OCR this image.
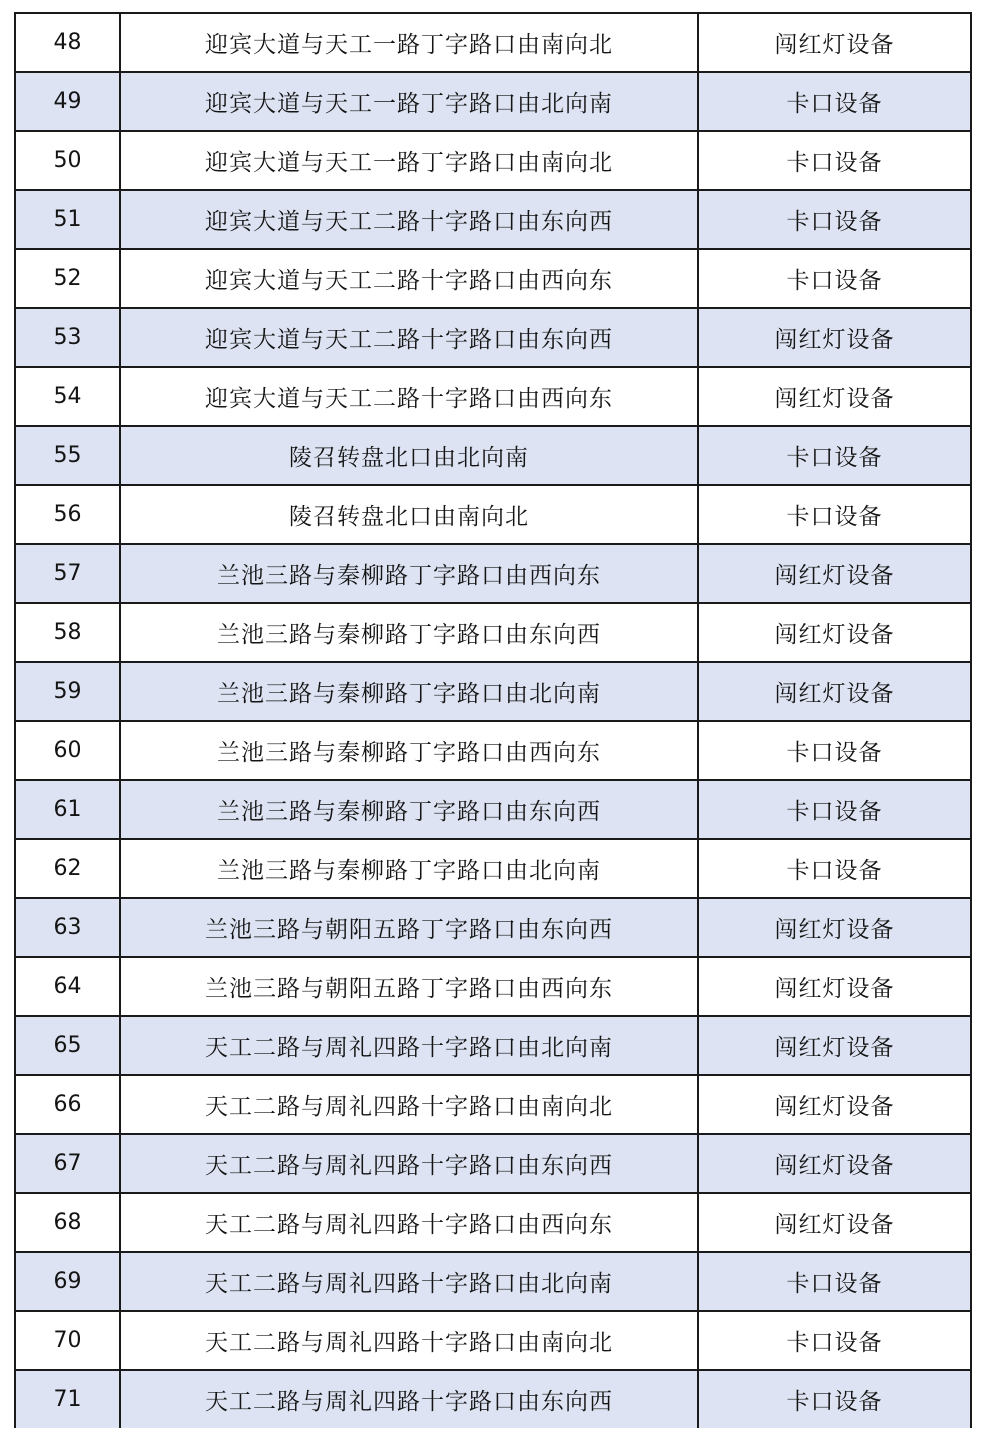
48	迎宾大道与天工一路丁字路口由南向北	闯红灯设备
49	迎宾大道与天工一路丁字路口由北向南	卡口设备
50	迎宾大道与天工一路丁字路口由南向北	卡口设备
51	迎宾大道与天工二路十字路口由东向西	卡口设备
52	迎宾大道与天工二路十字路口由西向东	卡口设备
53	迎宾大道与天工二路十字路口由东向西	闯红灯设备
54	迎宾大道与天工二路十字路口由西向东	闯红灯设备
55	陵召转盘北口由北向南	卡口设备
56	陵召转盘北口由南向北	卡口设备
57	兰池三路与秦柳路丁字路口由西向东	闯红灯设备
58	兰池三路与秦柳路丁字路口由东向西	闯红灯设备
59	兰池三路与秦柳路丁字路口由北向南	闯红灯设备
60	兰池三路与秦柳路丁字路口由西向东	卡口设备
61	兰池三路与秦柳路丁字路口由东向西	卡口设备
62	兰池三路与秦柳路丁字路口由北向南	卡口设备
63	兰池三路与朝阳五路丁字路口由东向西	闯红灯设备
64	兰池三路与朝阳五路丁字路口由西向东	闯红灯设备
65	天工二路与周礼四路十字路口由北向南	闯红灯设备
66	天工二路与周礼四路十字路口由南向北	闯红灯设备
67	天工二路与周礼四路十字路口由东向西	闯红灯设备
68	天工二路与周礼四路十字路口由西向东	闯红灯设备
69	天工二路与周礼四路十字路口由北向南	卡口设备
70	天工二路与周礼四路十字路口由南向北	卡口设备
71	天工二路与周礼四路十字路口由东向西	卡口设备
